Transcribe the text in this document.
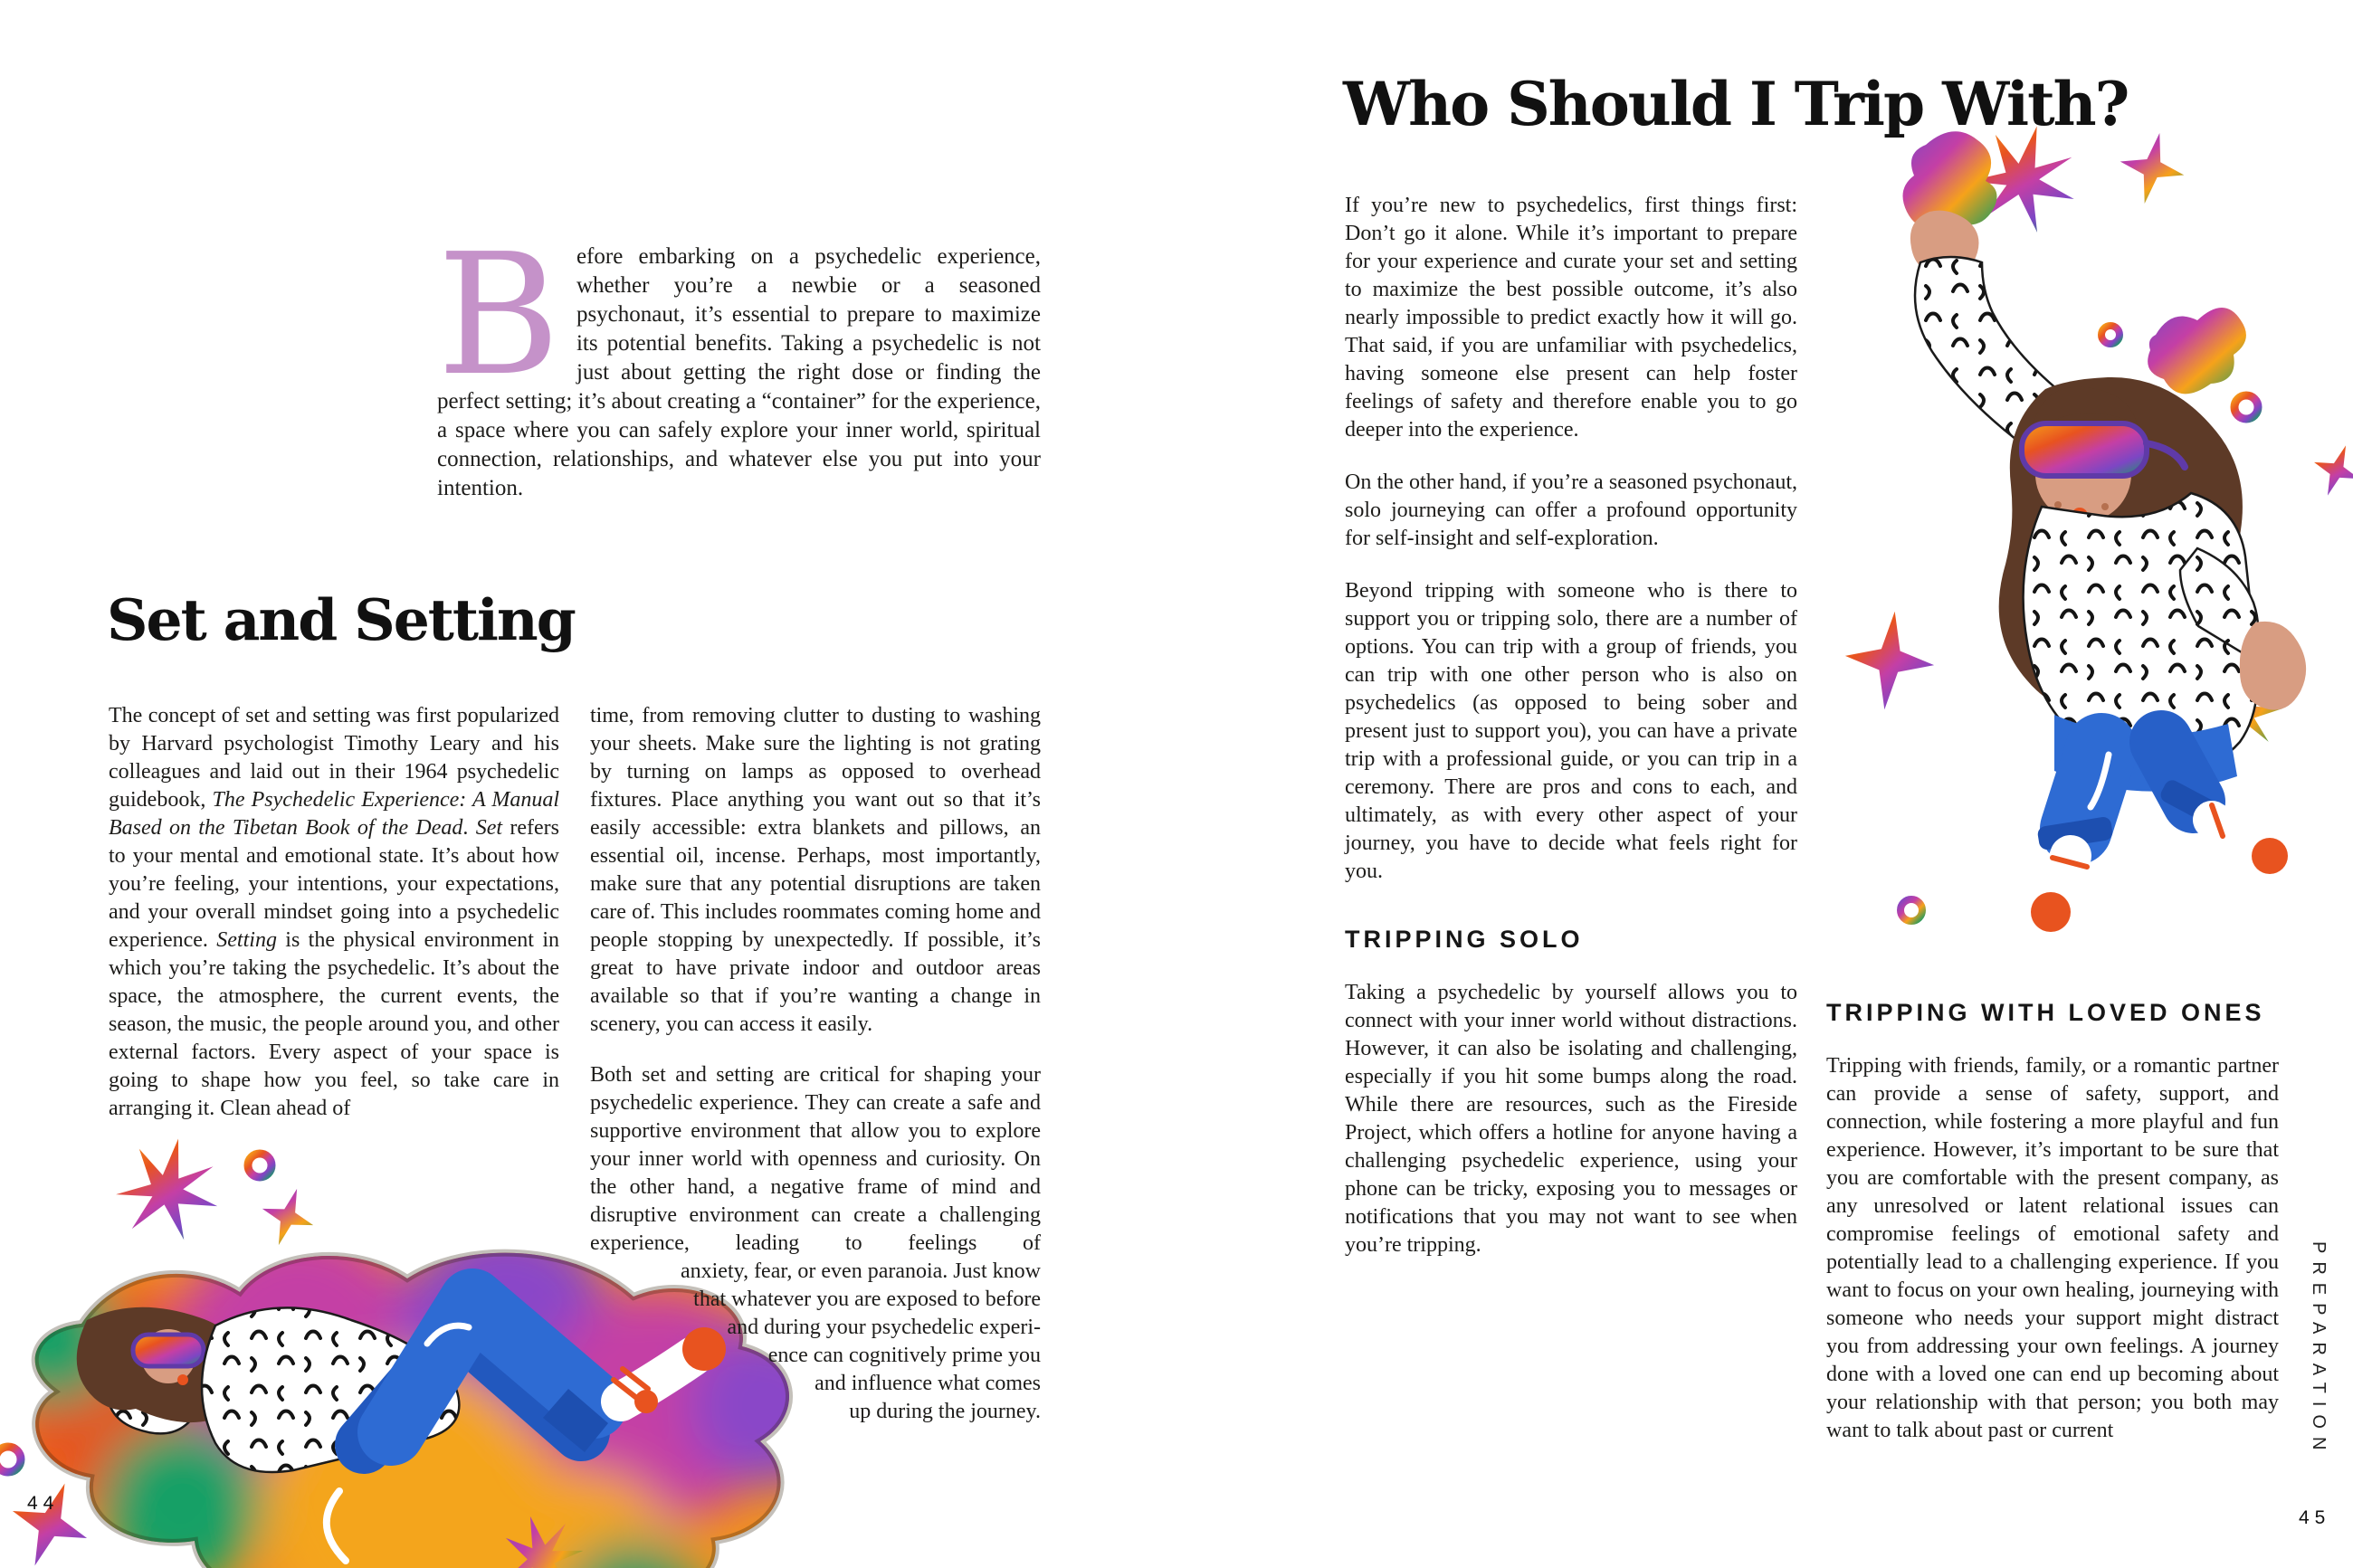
Before embarking on a psychedelic experience, whether you’re a newbie or a seasoned psychonaut, it’s essential to prepare to maximize its potential benefits. Taking a psychedelic is not just about getting the right dose or finding the perfect setting; it’s about creating a “container” for the experience, a space where you can safely explore your inner world, spiritual connection, relationships, and whatever else you put into your intention.
Set and Setting

The concept of set and setting was first popularized by Harvard psychologist Timothy Leary and his colleagues and laid out in their 1964 psychedelic guidebook, The Psychedelic Experience: A Manual Based on the Tibetan Book of the Dead. Set refers to your mental and emotional state. It’s about how you’re feeling, your intentions, your expectations, and your overall mindset going into a psychedelic experience. Setting is the physical environment in which you’re taking the psychedelic. It’s about the space, the atmosphere, the current events, the season, the music, the people around you, and other external factors. Every aspect of your space is going to shape how you feel, so take care in arranging it. Clean ahead of

time, from removing clutter to dusting to washing your sheets. Make sure the lighting is not grating by turning on lamps as opposed to overhead fixtures. Place anything you want out so that it’s easily accessible: extra blankets and pillows, an essential oil, incense. Perhaps, most importantly, make sure that any potential disruptions are taken care of. This includes roommates coming home and people stopping by unexpectedly. If possible, it’s great to have private indoor and outdoor areas available so that if you’re wanting a change in scenery, you can access it easily.

Both set and setting are critical for shaping your psychedelic experience. They can create a safe and supportive environment that allow you to explore your inner world with openness and curiosity. On the other hand, a negative frame of mind and disruptive environment can create a challenging experience, leading to feelings of

anxiety, fear, or even paranoia. Just know
that whatever you are exposed to before
and during your psychedelic experi-
ence can cognitively prime you
and influence what comes
up during the journey.
Who Should I Trip With?

If you’re new to psychedelics, first things first: Don’t go it alone. While it’s important to prepare for your experience and curate your set and setting to maximize the best possible outcome, it’s also nearly impossible to predict exactly how it will go. That said, if you are unfamiliar with psychedelics, having someone else present can help foster feelings of safety and therefore enable you to go deeper into the experience.

On the other hand, if you’re a seasoned psychonaut, solo journeying can offer a profound opportunity for self-insight and self-exploration.

Beyond tripping with someone who is there to support you or tripping solo, there are a number of options. You can trip with a group of friends, you can trip with one other person who is also on psychedelics (as opposed to being sober and present just to support you), you can have a private trip with a professional guide, or you can trip in a ceremony. There are pros and cons to each, and ultimately, as with every other aspect of your journey, you have to decide what feels right for you.

TRIPPING SOLO

Taking a psychedelic by yourself allows you to connect with your inner world without distractions. However, it can also be isolating and challenging, especially if you hit some bumps along the road. While there are resources, such as the Fireside Project, which offers a hotline for anyone having a challenging psychedelic experience, using your phone can be tricky, exposing you to messages or notifications that you may not want to see when you’re tripping.

TRIPPING WITH LOVED ONES

Tripping with friends, family, or a romantic partner can provide a sense of safety, support, and connection, while fostering a more playful and fun experience. However, it’s important to be sure that you are comfortable with the present company, as any unresolved or latent relational issues can compromise feelings of emotional safety and potentially lead to a challenging experience. If you want to focus on your own healing, journeying with someone who needs your support might distract you from addressing your own feelings. A journey done with a loved one can end up becoming about your relationship with that person; you both may want to talk about past or current	PREPARATION
44
45
